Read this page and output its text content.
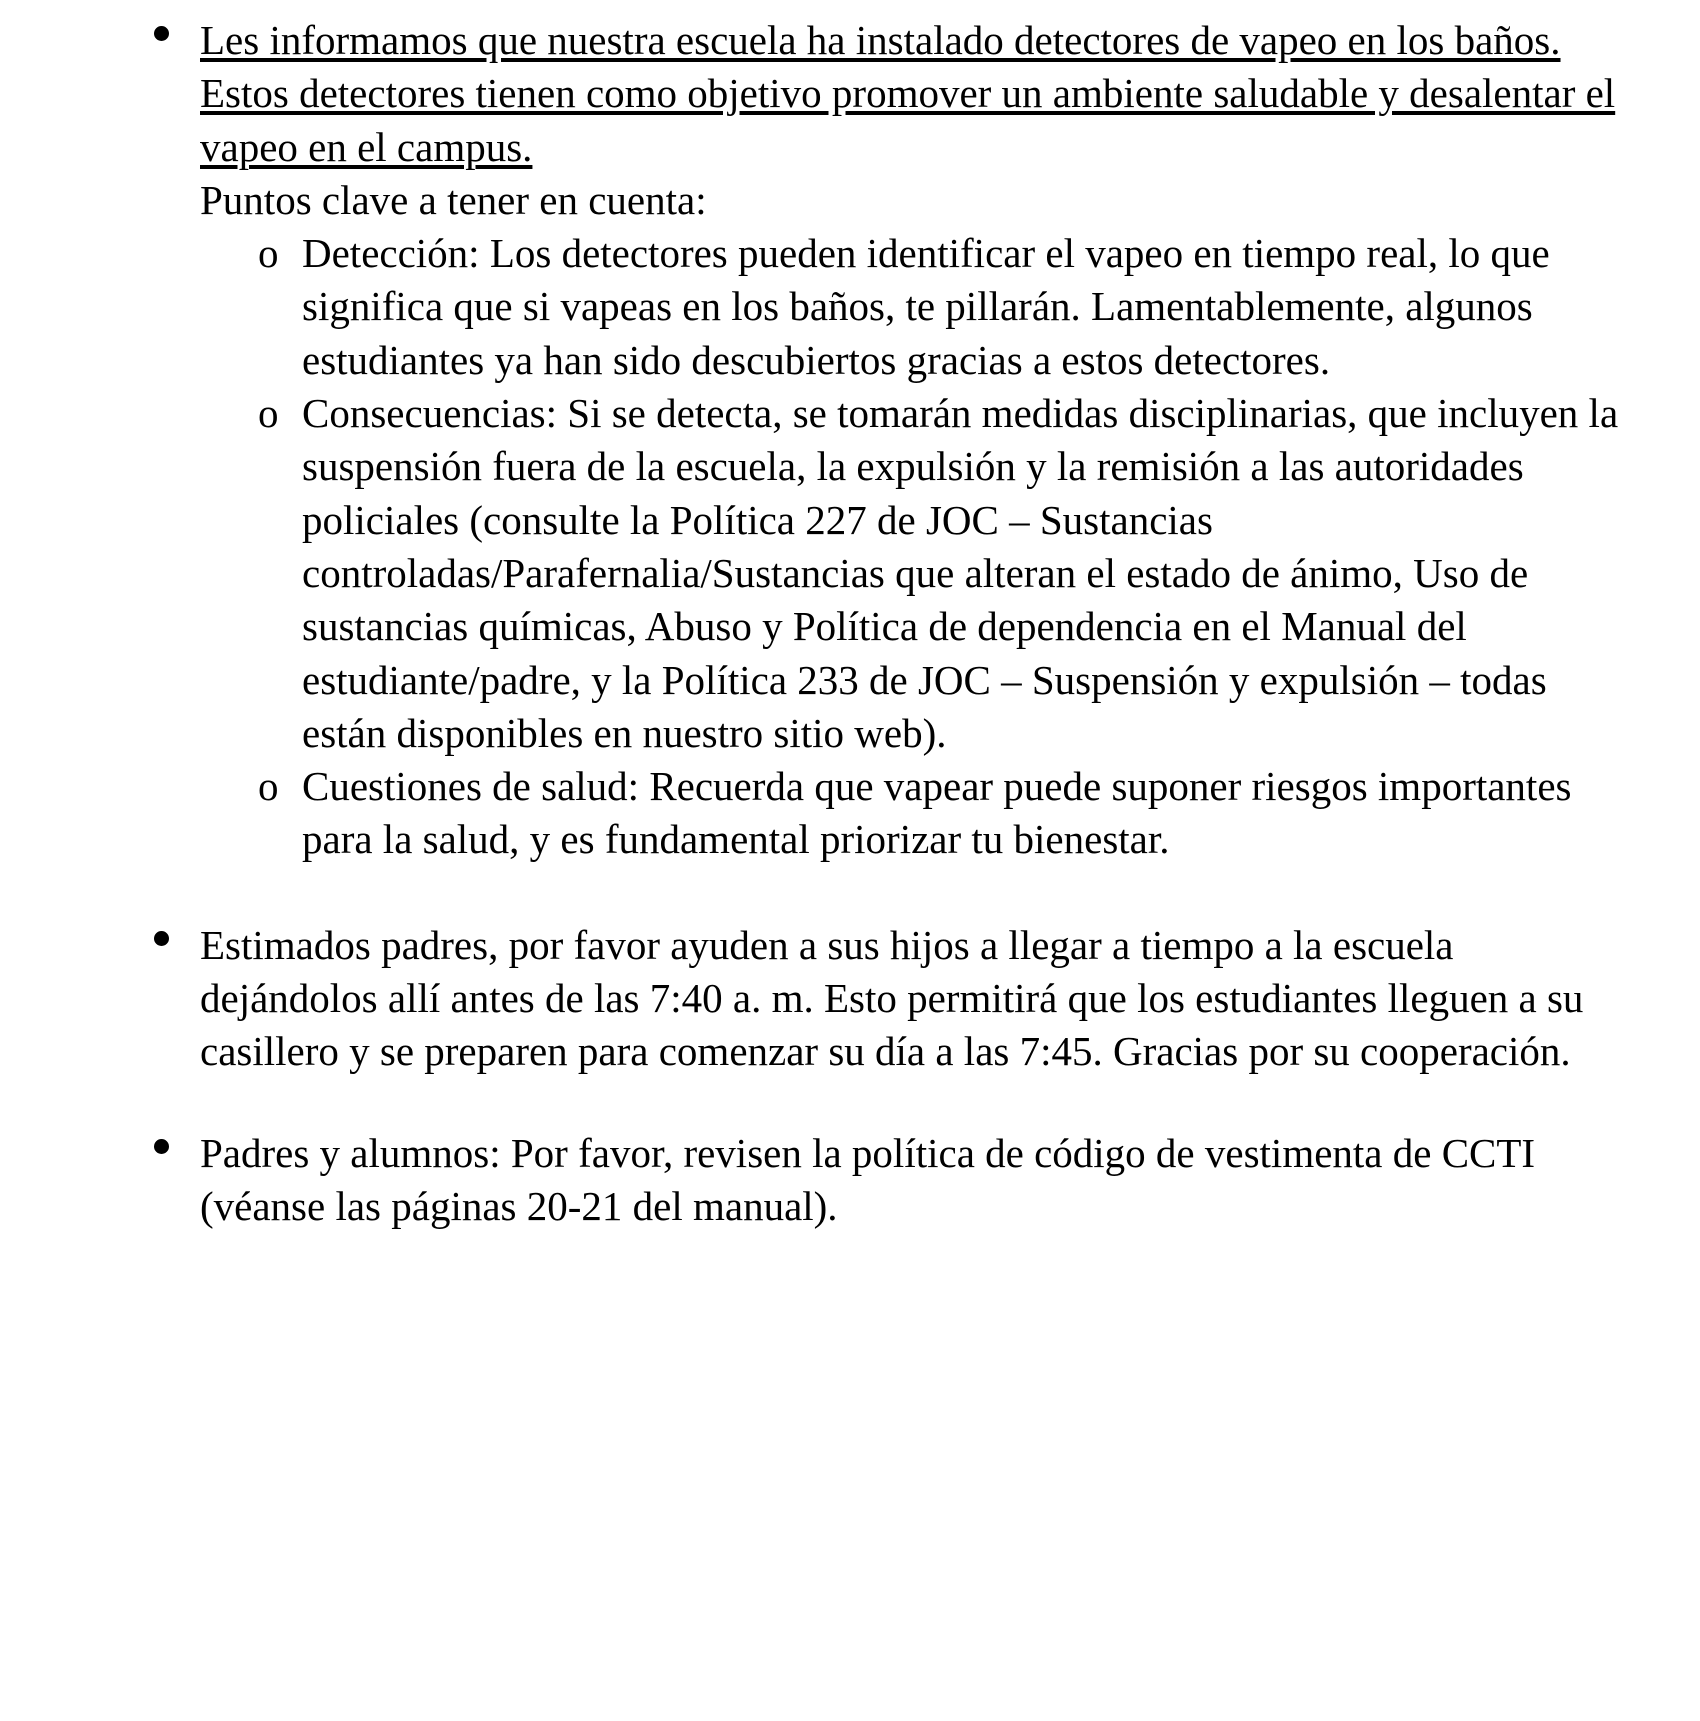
Les informamos que nuestra escuela ha instalado detectores de vapeo en los baños. Estos detectores tienen como objetivo promover un ambiente saludable y desalentar el vapeo en el campus.

Puntos clave a tener en cuenta:

o Detección: Los detectores pueden identificar el vapeo en tiempo real, lo que significa que si vapeas en los baños, te pillarán. Lamentablemente, algunos estudiantes ya han sido descubiertos gracias a estos detectores.
o Consecuencias: Si se detecta, se tomarán medidas disciplinarias, que incluyen la suspensión fuera de la escuela, la expulsión y la remisión a las autoridades policiales (consulte la Política 227 de JOC – Sustancias controladas/Parafernalia/Sustancias que alteran el estado de ánimo, Uso de sustancias químicas, Abuso y Política de dependencia en el Manual del estudiante/padre, y la Política 233 de JOC – Suspensión y expulsión – todas están disponibles en nuestro sitio web).
o Cuestiones de salud: Recuerda que vapear puede suponer riesgos importantes para la salud, y es fundamental priorizar tu bienestar.

Estimados padres, por favor ayuden a sus hijos a llegar a tiempo a la escuela dejándolos allí antes de las 7:40 a. m. Esto permitirá que los estudiantes lleguen a su casillero y se preparen para comenzar su día a las 7:45. Gracias por su cooperación.

Padres y alumnos: Por favor, revisen la política de código de vestimenta de CCTI (véanse las páginas 20-21 del manual).
